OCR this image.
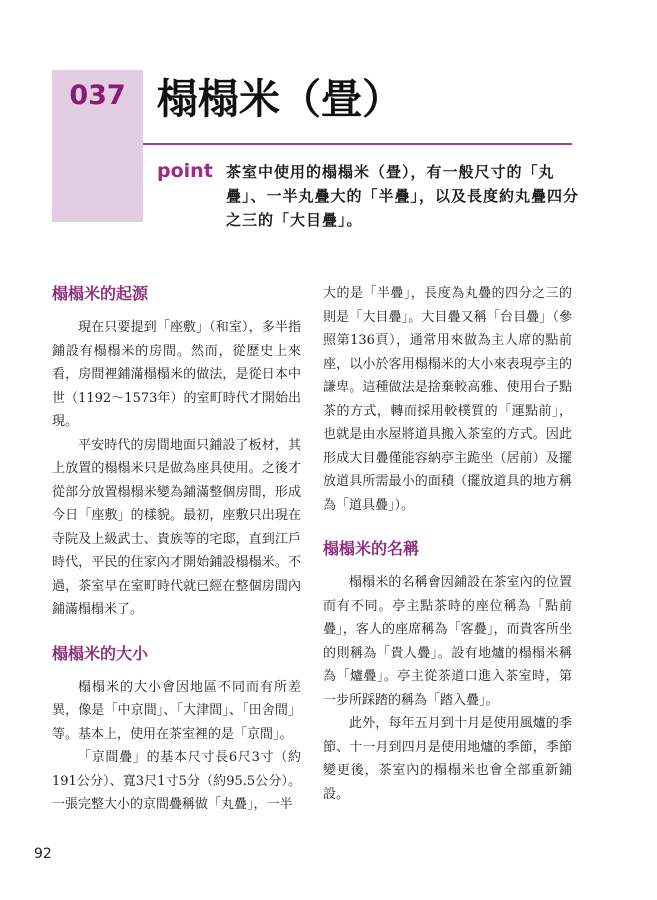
037 榻榻米（畳）
point 茶室中使用的榻榻米（畳），有一般尺寸的「丸疊」、一半丸疊大的「半疊」，以及長度約丸疊四分之三的「大目疊」。
榻榻米的起源

現在只要提到「座敷」（和室），多半指鋪設有榻榻米的房間。然而，從歷史上來看，房間裡鋪滿榻榻米的做法，是從日本中世（1192～1573年）的室町時代才開始出現。

平安時代的房間地面只鋪設了板材，其上放置的榻榻米只是做為座具使用。之後才從部分放置榻榻米變為鋪滿整個房間，形成今日「座敷」的樣貌。最初，座敷只出現在寺院及上級武士、貴族等的宅邸，直到江戶時代，平民的住家內才開始鋪設榻榻米。不過，茶室早在室町時代就已經在整個房間內鋪滿榻榻米了。

榻榻米的大小

榻榻米的大小會因地區不同而有所差異，像是「中京間」、「大津間」、「田舍間」等。基本上，使用在茶室裡的是「京間」。

「京間疊」的基本尺寸長6尺3寸（約191公分）、寬3尺1寸5分（約95.5公分）。一張完整大小的京間疊稱做「丸疊」，一半

大的是「半疊」，長度為丸疊的四分之三的則是「大目疊」。大目疊又稱「台目疊」（參照第136頁），通常用來做為主人席的點前座，以小於客用榻榻米的大小來表現亭主的謙卑。這種做法是捨棄較高雅、使用台子點茶的方式，轉而採用較樸質的「運點前」，也就是由水屋將道具搬入茶室的方式。因此形成大目疊僅能容納亭主跪坐（居前）及擺放道具所需最小的面積（擺放道具的地方稱為「道具疊」）。

榻榻米的名稱

榻榻米的名稱會因鋪設在茶室內的位置而有不同。亭主點茶時的座位稱為「點前疊」，客人的座席稱為「客疊」，而貴客所坐的則稱為「貴人疊」。設有地爐的榻榻米稱為「爐疊」。亭主從茶道口進入茶室時，第一步所踩踏的稱為「踏入疊」。

此外，每年五月到十月是使用風爐的季節、十一月到四月是使用地爐的季節，季節變更後，茶室內的榻榻米也會全部重新鋪設。

92
